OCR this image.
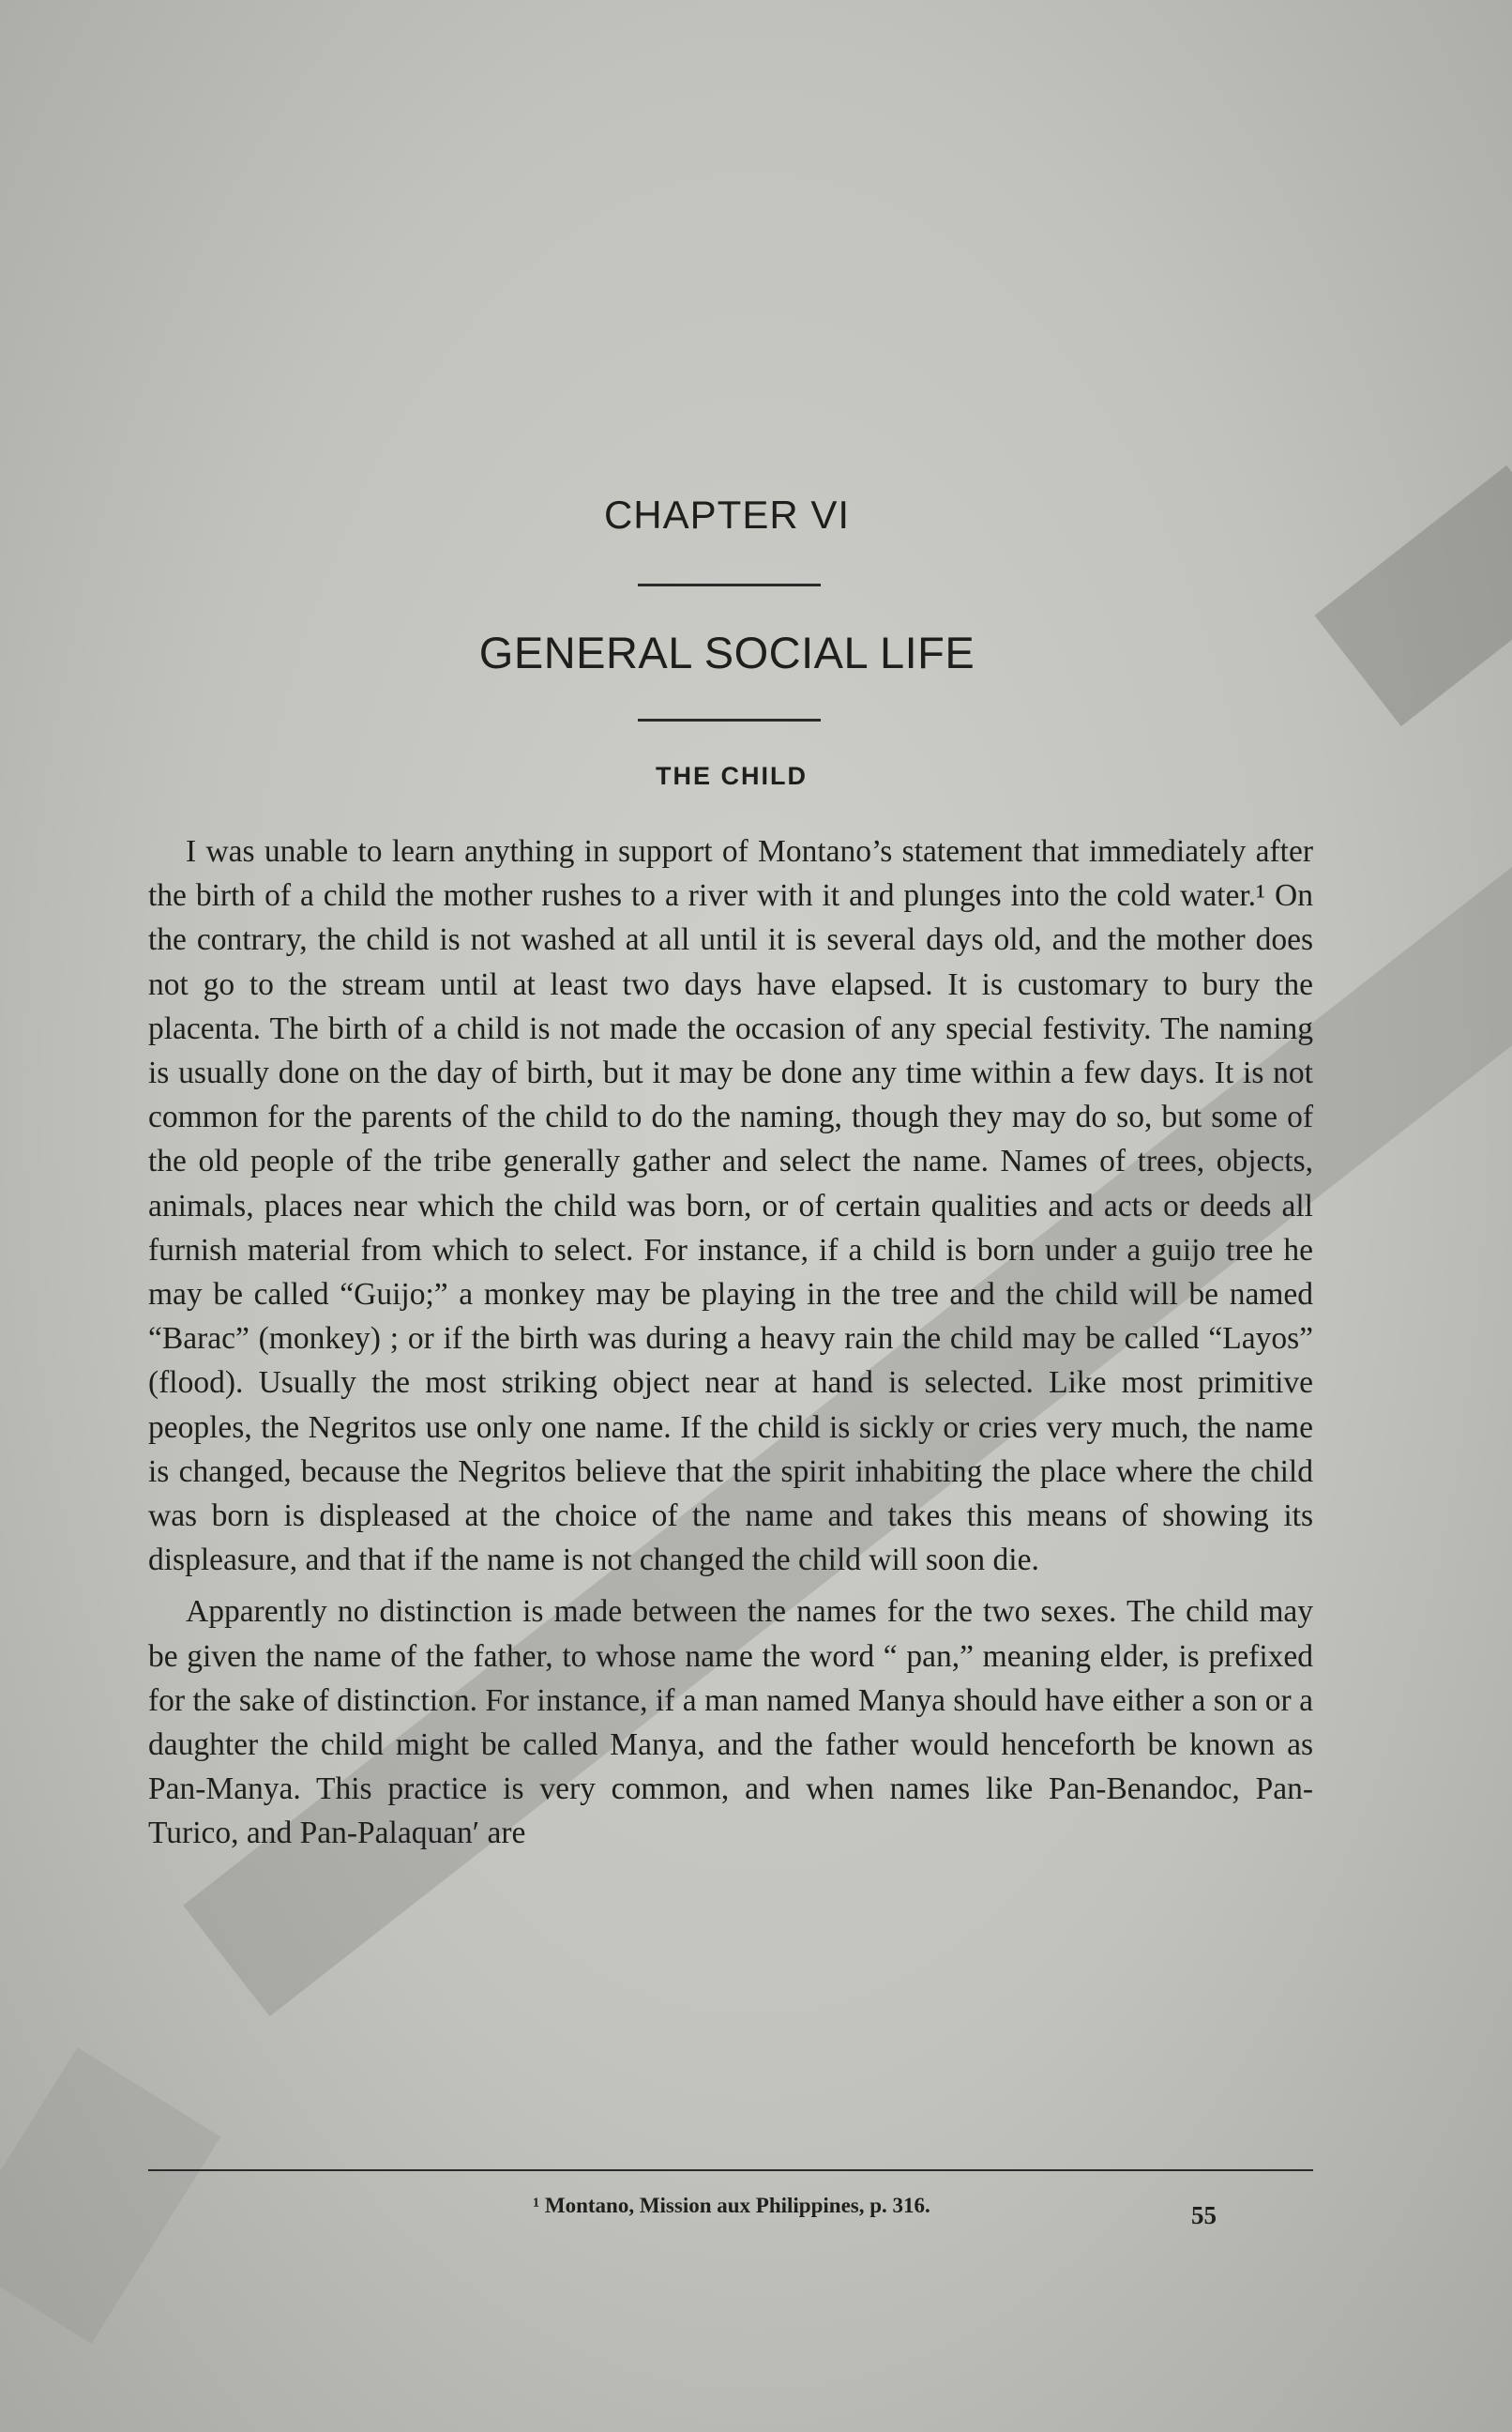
CHAPTER VI
GENERAL SOCIAL LIFE
THE CHILD

I was unable to learn anything in support of Montano’s statement that immediately after the birth of a child the mother rushes to a river with it and plunges into the cold water.¹ On the contrary, the child is not washed at all until it is several days old, and the mother does not go to the stream until at least two days have elapsed. It is customary to bury the placenta. The birth of a child is not made the occasion of any special festivity. The naming is usually done on the day of birth, but it may be done any time within a few days. It is not common for the parents of the child to do the naming, though they may do so, but some of the old people of the tribe generally gather and select the name. Names of trees, objects, animals, places near which the child was born, or of certain qualities and acts or deeds all furnish material from which to select. For instance, if a child is born under a guijo tree he may be called “Guijo;” a monkey may be playing in the tree and the child will be named “Barac” (monkey) ; or if the birth was during a heavy rain the child may be called “Layos” (flood). Usually the most striking object near at hand is selected. Like most primitive peoples, the Negritos use only one name. If the child is sickly or cries very much, the name is changed, because the Negritos believe that the spirit inhabiting the place where the child was born is displeased at the choice of the name and takes this means of showing its displeasure, and that if the name is not changed the child will soon die.

Apparently no distinction is made between the names for the two sexes. The child may be given the name of the father, to whose name the word “ pan,” meaning elder, is prefixed for the sake of distinction. For instance, if a man named Manya should have either a son or a daughter the child might be called Manya, and the father would henceforth be known as Pan-Manya. This practice is very common, and when names like Pan-Benandoc, Pan-Turico, and Pan-Palaquan′ are

¹ Montano, Mission aux Philippines, p. 316.	55
